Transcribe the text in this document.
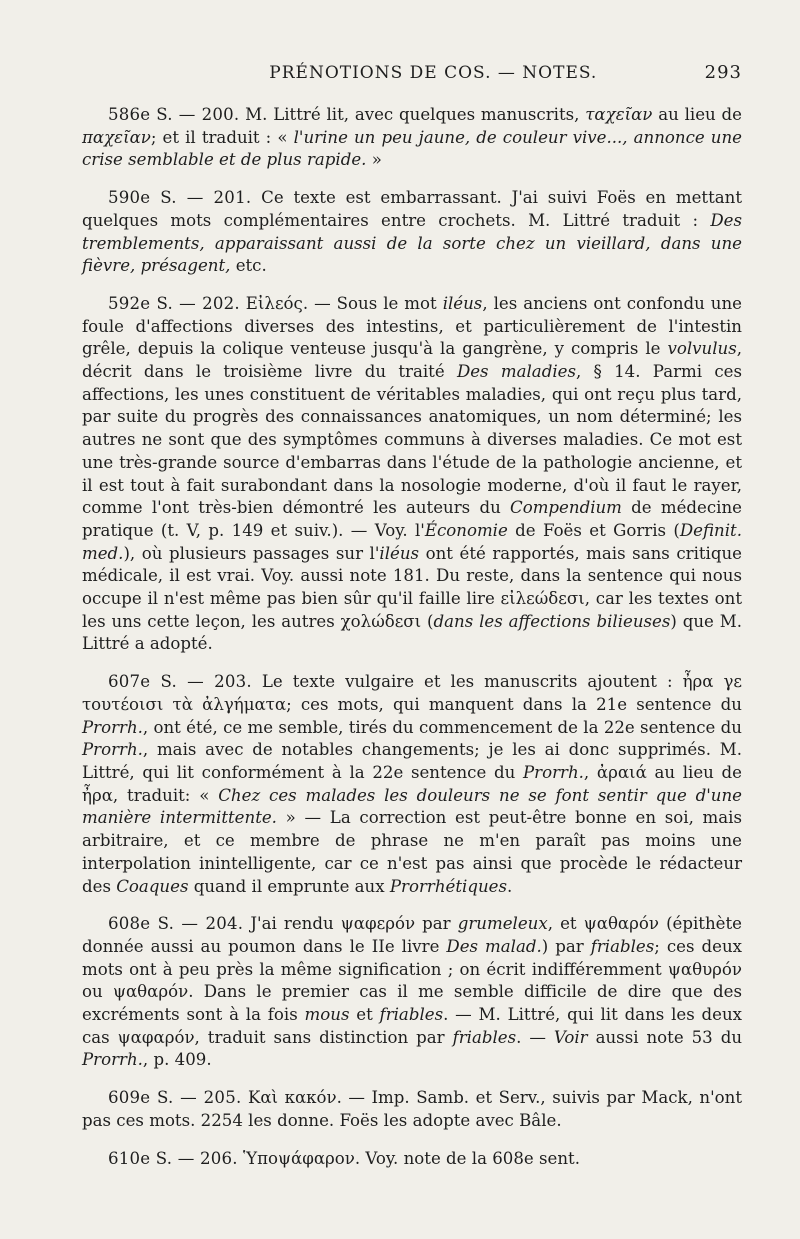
PRÉNOTIONS DE COS. — NOTES.	293

586e S. — 200. M. Littré lit, avec quelques manuscrits, ταχεῖαν au lieu de παχεῖαν; et il traduit : « l'urine un peu jaune, de couleur vive..., annonce une crise semblable et de plus rapide. »

590e S. — 201. Ce texte est embarrassant. J'ai suivi Foës en mettant quelques mots complémentaires entre crochets. M. Littré traduit : Des tremblements, apparaissant aussi de la sorte chez un vieillard, dans une fièvre, présagent, etc.

592e S. — 202. Εἰλεός. — Sous le mot iléus, les anciens ont confondu une foule d'affections diverses des intestins, et particulièrement de l'intestin grêle, depuis la colique venteuse jusqu'à la gangrène, y compris le volvulus, décrit dans le troisième livre du traité Des maladies, § 14. Parmi ces affections, les unes constituent de véritables maladies, qui ont reçu plus tard, par suite du progrès des connaissances anatomiques, un nom déterminé; les autres ne sont que des symptômes communs à diverses maladies. Ce mot est une très-grande source d'embarras dans l'étude de la pathologie ancienne, et il est tout à fait surabondant dans la nosologie moderne, d'où il faut le rayer, comme l'ont très-bien démontré les auteurs du Compendium de médecine pratique (t. V, p. 149 et suiv.). — Voy. l'Économie de Foës et Gorris (Definit. med.), où plusieurs passages sur l'iléus ont été rapportés, mais sans critique médicale, il est vrai. Voy. aussi note 181. Du reste, dans la sentence qui nous occupe il n'est même pas bien sûr qu'il faille lire εἰλεώδεσι, car les textes ont les uns cette leçon, les autres χολώδεσι (dans les affections bilieuses) que M. Littré a adopté.

607e S. — 203. Le texte vulgaire et les manuscrits ajoutent : ἦρα γε τουτέοισι τὰ ἀλγήματα; ces mots, qui manquent dans la 21e sentence du Prorrh., ont été, ce me semble, tirés du commencement de la 22e sentence du Prorrh., mais avec de notables changements; je les ai donc supprimés. M. Littré, qui lit conformément à la 22e sentence du Prorrh., ἀραιά au lieu de ἦρα, traduit: « Chez ces malades les douleurs ne se font sentir que d'une manière intermittente. » — La correction est peut-être bonne en soi, mais arbitraire, et ce membre de phrase ne m'en paraît pas moins une interpolation inintelligente, car ce n'est pas ainsi que procède le rédacteur des Coaques quand il emprunte aux Prorrhétiques.

608e S. — 204. J'ai rendu ψαφερόν par grumeleux, et ψαθαρόν (épithète donnée aussi au poumon dans le IIe livre Des malad.) par friables; ces deux mots ont à peu près la même signification ; on écrit indifféremment ψαθυρόν ou ψαθαρόν. Dans le premier cas il me semble difficile de dire que des excréments sont à la fois mous et friables. — M. Littré, qui lit dans les deux cas ψαφαρόν, traduit sans distinction par friables. — Voir aussi note 53 du Prorrh., p. 409.

609e S. — 205. Καὶ κακόν. — Imp. Samb. et Serv., suivis par Mack, n'ont pas ces mots. 2254 les donne. Foës les adopte avec Bâle.

610e S. — 206. Ὑποψάφαρον. Voy. note de la 608e sent.
